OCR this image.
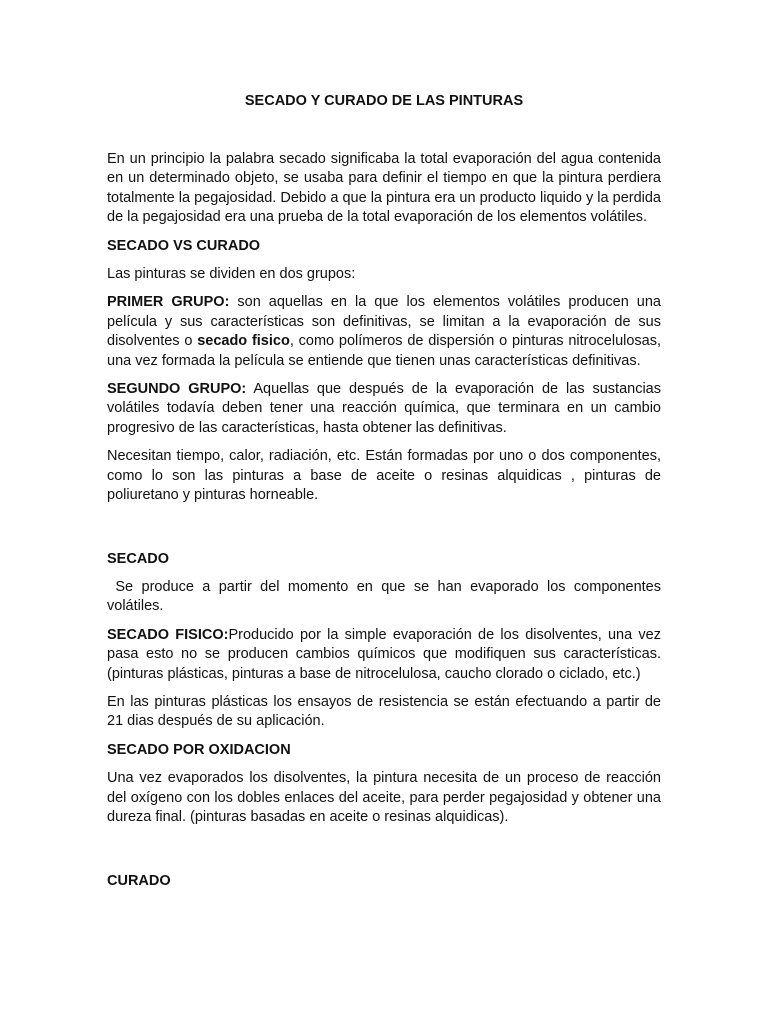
SECADO Y CURADO DE LAS PINTURAS

En un principio la palabra secado significaba la total evaporación del agua contenida en un determinado objeto, se usaba para definir el tiempo en que la pintura perdiera totalmente la pegajosidad. Debido a que la pintura era un producto liquido y la perdida de la pegajosidad era una prueba de la total evaporación de los elementos volátiles.

SECADO VS CURADO

Las pinturas se dividen en dos grupos:

PRIMER GRUPO: son aquellas en la que los elementos volátiles producen una película y sus características son definitivas, se limitan a la evaporación de sus disolventes o secado fisico, como polímeros de dispersión o pinturas nitrocelulosas, una vez formada la película se entiende que tienen unas características definitivas.

SEGUNDO GRUPO: Aquellas que después de la evaporación de las sustancias volátiles todavía deben tener una reacción química, que terminara en un cambio progresivo de las características, hasta obtener las definitivas.

Necesitan tiempo, calor, radiación, etc. Están formadas por uno o dos componentes, como lo son las pinturas a base de aceite o resinas alquidicas , pinturas de poliuretano y pinturas horneable.

SECADO

Se produce a partir del momento en que se han evaporado los componentes volátiles.

SECADO FISICO:Producido por la simple evaporación de los disolventes, una vez pasa esto no se producen cambios químicos que modifiquen sus características. (pinturas plásticas, pinturas a base de nitrocelulosa, caucho clorado o ciclado, etc.)

En las pinturas plásticas los ensayos de resistencia se están efectuando a partir de 21 dias después de su aplicación.

SECADO POR OXIDACION

Una vez evaporados los disolventes, la pintura necesita de un proceso de reacción del oxígeno con los dobles enlaces del aceite, para perder pegajosidad y obtener una dureza final. (pinturas basadas en aceite o resinas alquidicas).

CURADO
